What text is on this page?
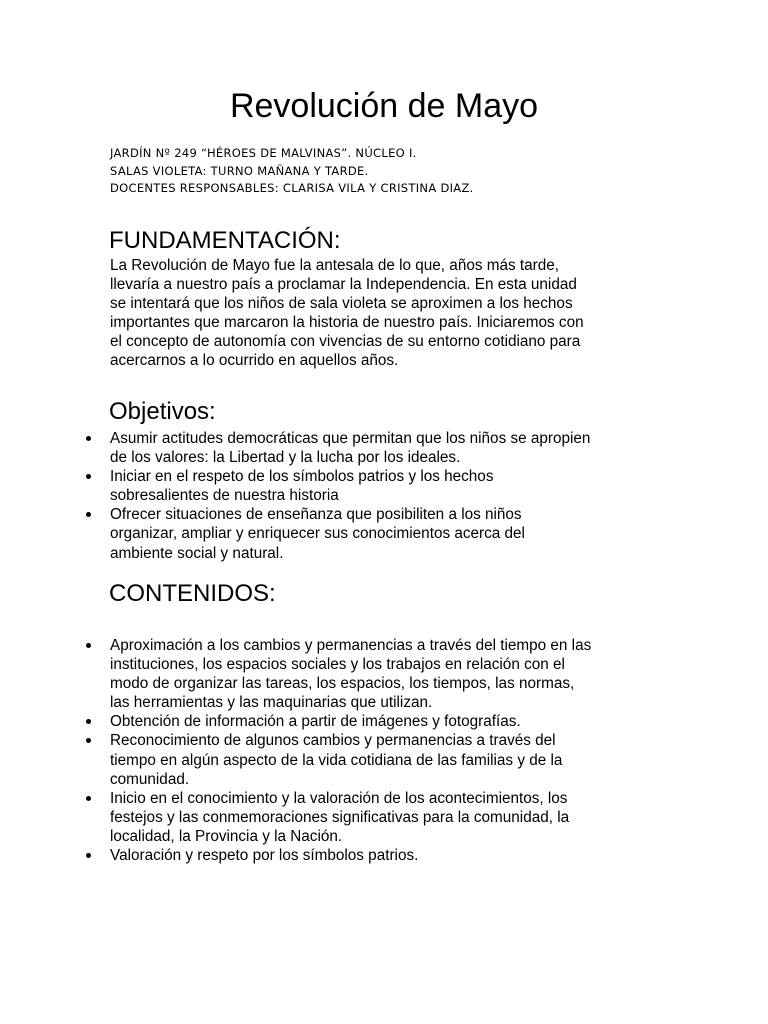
Revolución de Mayo
JARDÍN Nº 249 “HÉROES DE MALVINAS”. NÚCLEO I.
SALAS VIOLETA: TURNO MAÑANA Y TARDE.
DOCENTES RESPONSABLES: CLARISA VILA Y CRISTINA DIAZ.
FUNDAMENTACIÓN:
La Revolución de Mayo fue la antesala de lo que, años más tarde,
llevaría a nuestro país a proclamar la Independencia. En esta unidad
se intentará que los niños de sala violeta se aproximen a los hechos
importantes que marcaron la historia de nuestro país. Iniciaremos con
el concepto de autonomía con vivencias de su entorno cotidiano para
acercarnos a lo ocurrido en aquellos años.
Objetivos:
Asumir actitudes democráticas que permitan que los niños se apropien
de los valores: la Libertad y la lucha por los ideales.
Iniciar en el respeto de los símbolos patrios y los hechos
sobresalientes de nuestra historia
Ofrecer situaciones de enseñanza que posibiliten a los niños
organizar, ampliar y enriquecer sus conocimientos acerca del
ambiente social y natural.
CONTENIDOS:
Aproximación a los cambios y permanencias a través del tiempo en las
instituciones, los espacios sociales y los trabajos en relación con el
modo de organizar las tareas, los espacios, los tiempos, las normas,
las herramientas y las maquinarias que utilizan.
Obtención de información a partir de imágenes y fotografías.
Reconocimiento de algunos cambios y permanencias a través del
tiempo en algún aspecto de la vida cotidiana de las familias y de la
comunidad.
Inicio en el conocimiento y la valoración de los acontecimientos, los
festejos y las conmemoraciones significativas para la comunidad, la
localidad, la Provincia y la Nación.
Valoración y respeto por los símbolos patrios.
